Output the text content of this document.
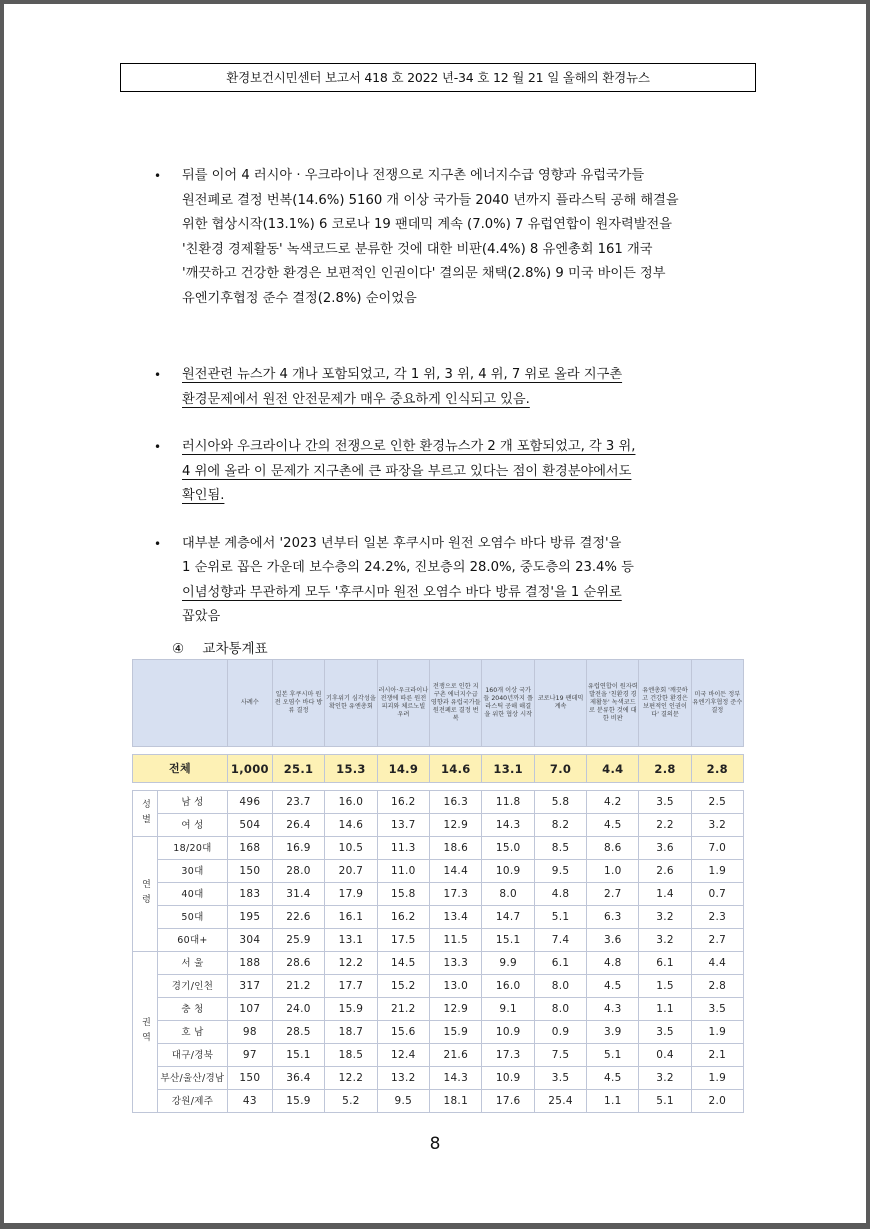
환경보건시민센터 보고서 418 호 2022 년-34 호 12 월 21 일 올해의 환경뉴스
• 뒤를 이어 4 러시아 · 우크라이나 전쟁으로 지구촌 에너지수급 영향과 유럽국가들
원전폐로 결정 번복(14.6%) 5160 개 이상 국가들 2040 년까지 플라스틱 공해 해결을
위한 협상시작(13.1%) 6 코로나 19 팬데믹 계속 (7.0%) 7 유럽연합이 원자력발전을
'친환경 경제활동' 녹색코드로 분류한 것에 대한 비판(4.4%) 8 유엔총회 161 개국
'깨끗하고 건강한 환경은 보편적인 인권이다' 결의문 채택(2.8%) 9 미국 바이든 정부
유엔기후협정 준수 결정(2.8%) 순이었음
• 원전관련 뉴스가 4 개나 포함되었고, 각 1 위, 3 위, 4 위, 7 위로 올라 지구촌
환경문제에서 원전 안전문제가 매우 중요하게 인식되고 있음.
• 러시아와 우크라이나 간의 전쟁으로 인한 환경뉴스가 2 개 포함되었고, 각 3 위,
4 위에 올라 이 문제가 지구촌에 큰 파장을 부르고 있다는 점이 환경분야에서도
확인됨.
• 대부분 계층에서 '2023 년부터 일본 후쿠시마 원전 오염수 바다 방류 결정'을
1 순위로 꼽은 가운데 보수층의 24.2%, 진보층의 28.0%, 중도층의 23.4% 등
이념성향과 무관하게 모두 '후쿠시마 원전 오염수 바다 방류 결정'을 1 순위로
꼽았음
④ 교차통계표
		사례수	일본 후쿠시마 원전 오염수 바다 방류 결정	기후위기 심각성을 확인한 유엔총회	러시아·우크라이나 전쟁에 따른 원전 피괴와 체르노빌 우려	전쟁으로 인한 지구촌 에너지수급 영향과 유럽국가들 원전폐로 결정 번복	160개 이상 국가들 2040년까지 플라스틱 공해 해결을 위한 협상 시작	코로나19 팬데믹 계속	유럽연합이 원자력발전을 '친환경 경제활동' 녹색코드로 분류한 것에 대한 비판	유엔총회 '깨끗하고 건강한 환경은 보편적인 인권이다' 결의문	미국 바이든 정부 유엔기후협정 준수 결정

전체		1,000	25.1	15.3	14.9	14.6	13.1	7.0	4.4	2.8	2.8

성별	남 성	496	23.7	16.0	16.2	16.3	11.8	5.8	4.2	3.5	2.5
	여 성	504	26.4	14.6	13.7	12.9	14.3	8.2	4.5	2.2	3.2
연령	18/20대	168	16.9	10.5	11.3	18.6	15.0	8.5	8.6	3.6	7.0
	30대	150	28.0	20.7	11.0	14.4	10.9	9.5	1.0	2.6	1.9
	40대	183	31.4	17.9	15.8	17.3	8.0	4.8	2.7	1.4	0.7
	50대	195	22.6	16.1	16.2	13.4	14.7	5.1	6.3	3.2	2.3
	60대+	304	25.9	13.1	17.5	11.5	15.1	7.4	3.6	3.2	2.7
권역	서 울	188	28.6	12.2	14.5	13.3	9.9	6.1	4.8	6.1	4.4
	경기/인천	317	21.2	17.7	15.2	13.0	16.0	8.0	4.5	1.5	2.8
	충 청	107	24.0	15.9	21.2	12.9	9.1	8.0	4.3	1.1	3.5
	호 남	98	28.5	18.7	15.6	15.9	10.9	0.9	3.9	3.5	1.9
	대구/경북	97	15.1	18.5	12.4	21.6	17.3	7.5	5.1	0.4	2.1
	부산/울산/경남	150	36.4	12.2	13.2	14.3	10.9	3.5	4.5	3.2	1.9
	강원/제주	43	15.9	5.2	9.5	18.1	17.6	25.4	1.1	5.1	2.0
8
